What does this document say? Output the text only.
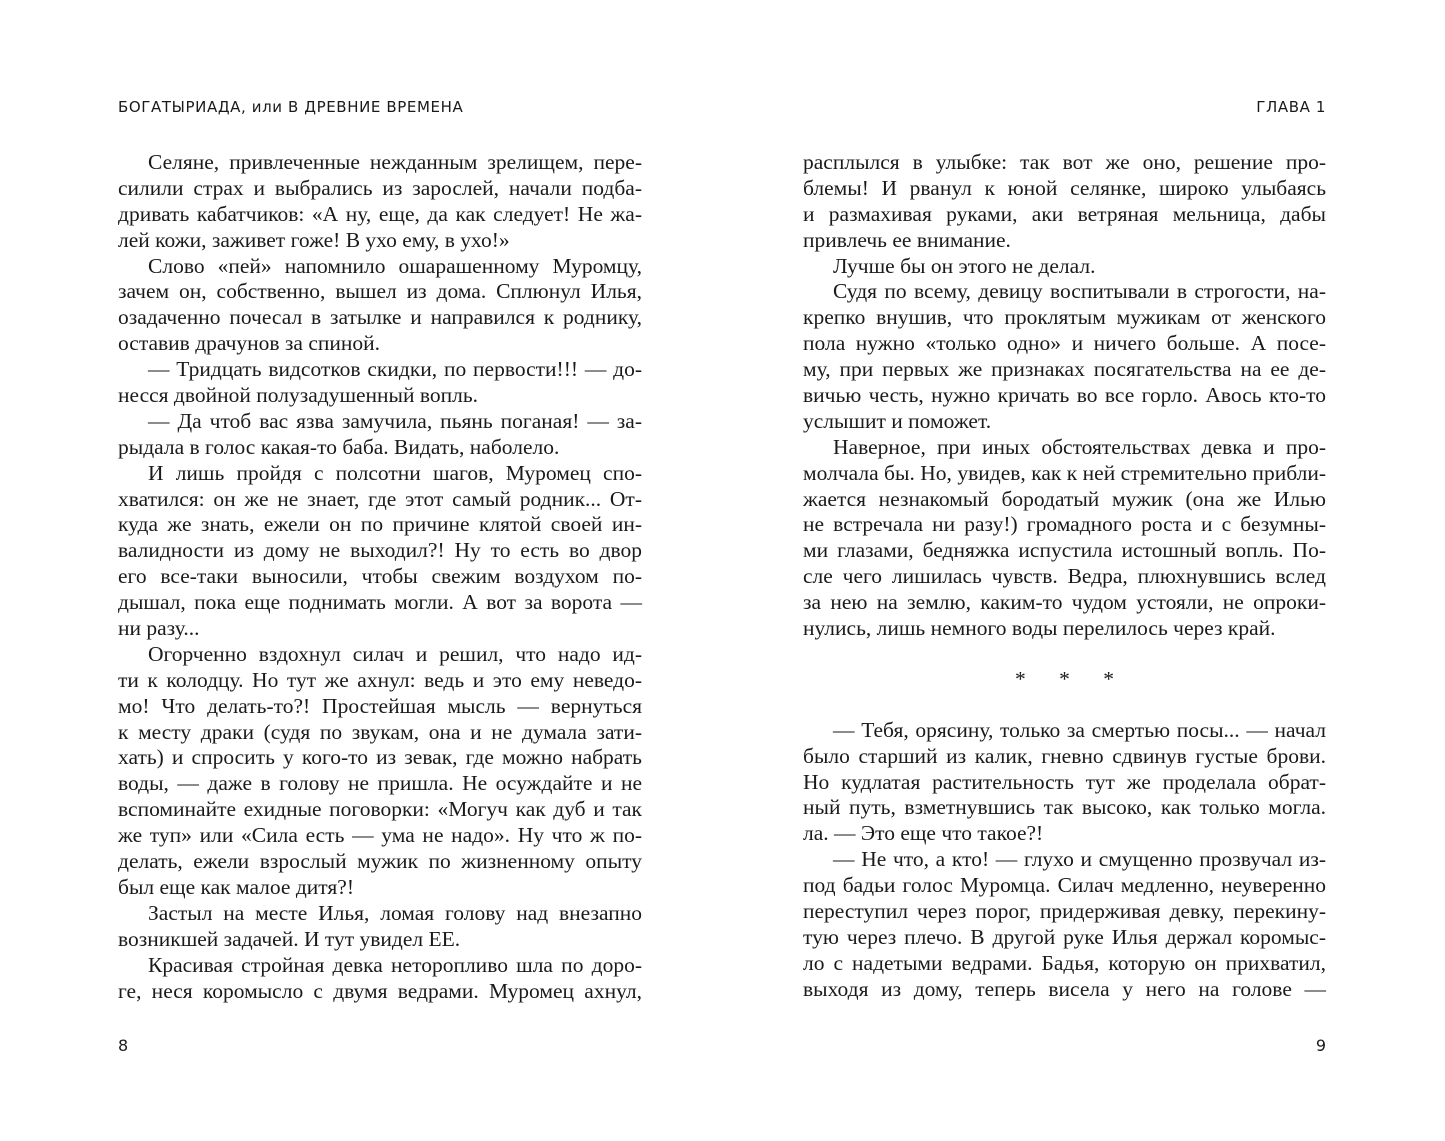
БОГАТЫРИАДА, или В ДРЕВНИЕ ВРЕМЕНА
Селяне, привлеченные нежданным зрелищем, пере-
силили страх и выбрались из зарослей, начали подба-
дривать кабатчиков: «А ну, еще, да как следует! Не жа-
лей кожи, заживет гоже! В ухо ему, в ухо!»
Слово «пей» напомнило ошарашенному Муромцу,
зачем он, собственно, вышел из дома. Сплюнул Илья,
озадаченно почесал в затылке и направился к роднику,
оставив драчунов за спиной.
— Тридцать видсотков скидки, по первости!!! — до-
несся двойной полузадушенный вопль.
— Да чтоб вас язва замучила, пьянь поганая! — за-
рыдала в голос какая-то баба. Видать, наболело.
И лишь пройдя с полсотни шагов, Муромец спо-
хватился: он же не знает, где этот самый родник... От-
куда же знать, ежели он по причине клятой своей ин-
валидности из дому не выходил?! Ну то есть во двор
его все-таки выносили, чтобы свежим воздухом по-
дышал, пока еще поднимать могли. А вот за ворота —
ни разу...
Огорченно вздохнул силач и решил, что надо ид-
ти к колодцу. Но тут же ахнул: ведь и это ему неведо-
мо! Что делать-то?! Простейшая мысль — вернуться
к месту драки (судя по звукам, она и не думала зати-
хать) и спросить у кого-то из зевак, где можно набрать
воды, — даже в голову не пришла. Не осуждайте и не
вспоминайте ехидные поговорки: «Могуч как дуб и так
же туп» или «Сила есть — ума не надо». Ну что ж по-
делать, ежели взрослый мужик по жизненному опыту
был еще как малое дитя?!
Застыл на месте Илья, ломая голову над внезапно
возникшей задачей. И тут увидел ЕЕ.
Красивая стройная девка неторопливо шла по доро-
ге, неся коромысло с двумя ведрами. Муромец ахнул,
8
ГЛАВА 1
расплылся в улыбке: так вот же оно, решение про-
блемы! И рванул к юной селянке, широко улыбаясь
и размахивая руками, аки ветряная мельница, дабы
привлечь ее внимание.
Лучше бы он этого не делал.
Судя по всему, девицу воспитывали в строгости, на-
крепко внушив, что проклятым мужикам от женского
пола нужно «только одно» и ничего больше. А посе-
му, при первых же признаках посягательства на ее де-
вичью честь, нужно кричать во все горло. Авось кто-то
услышит и поможет.
Наверное, при иных обстоятельствах девка и про-
молчала бы. Но, увидев, как к ней стремительно прибли-
жается незнакомый бородатый мужик (она же Илью
не встречала ни разу!) громадного роста и с безумны-
ми глазами, бедняжка испустила истошный вопль. По-
сле чего лишилась чувств. Ведра, плюхнувшись вслед
за нею на землю, каким-то чудом устояли, не опроки-
нулись, лишь немного воды перелилось через край.
* * *
— Тебя, орясину, только за смертью посы... — начал
было старший из калик, гневно сдвинув густые брови.
Но кудлатая растительность тут же проделала обрат-
ный путь, взметнувшись так высоко, как только могла.
ла. — Это еще что такое?!
— Не что, а кто! — глухо и смущенно прозвучал из-
под бадьи голос Муромца. Силач медленно, неуверенно
переступил через порог, придерживая девку, перекину-
тую через плечо. В другой руке Илья держал коромыс-
ло с надетыми ведрами. Бадья, которую он прихватил,
выходя из дому, теперь висела у него на голове —
9
